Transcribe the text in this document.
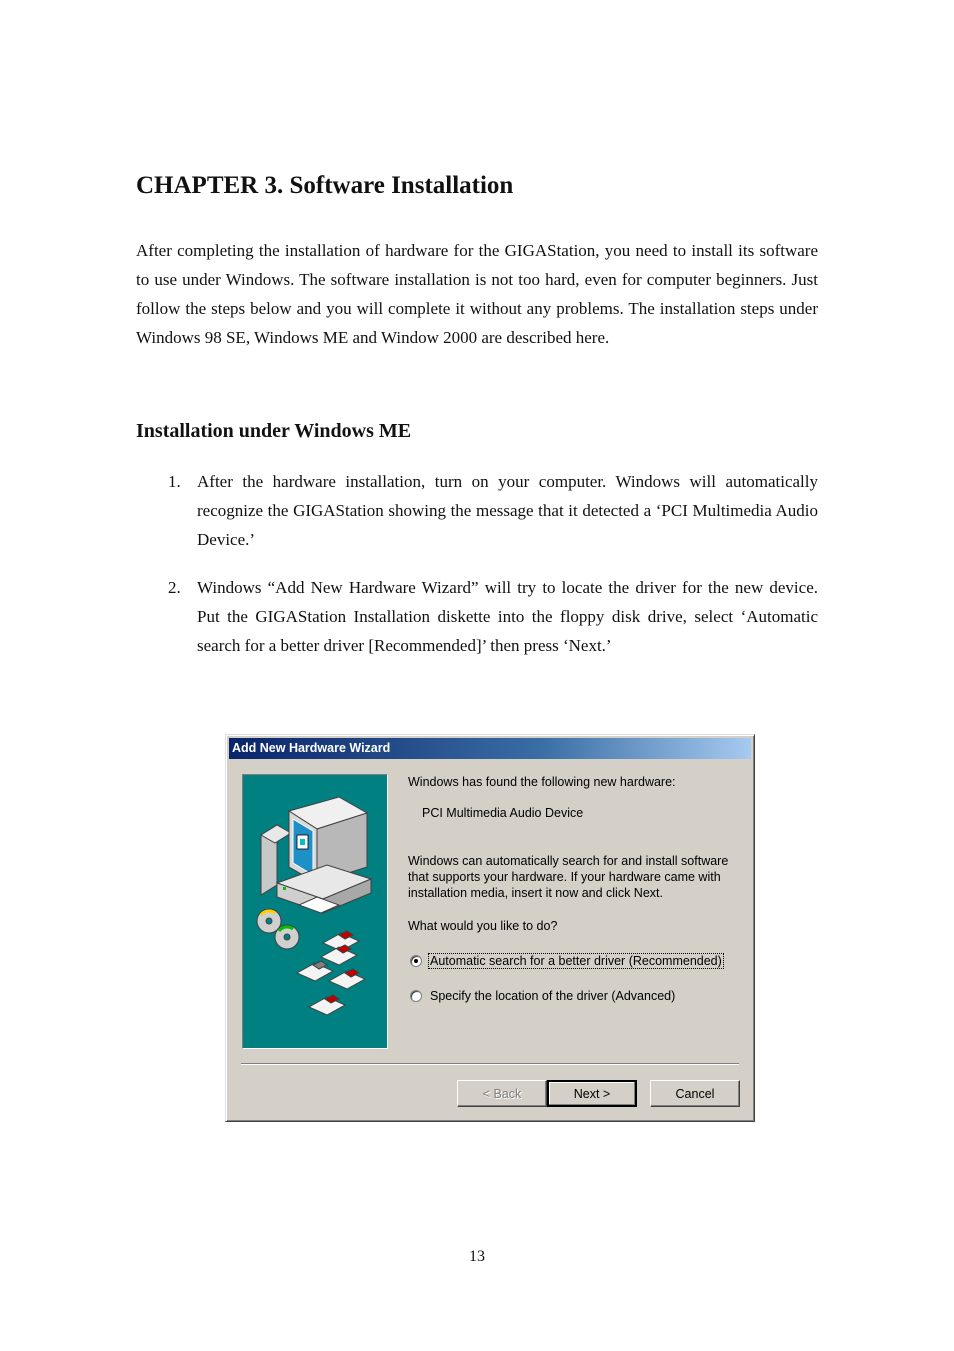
CHAPTER 3. Software Installation

After completing the installation of hardware for the GIGAStation, you need to install its software to use under Windows. The software installation is not too hard, even for computer beginners. Just follow the steps below and you will complete it without any problems. The installation steps under Windows 98 SE, Windows ME and Window 2000 are described here.

Installation under Windows ME
1. After the hardware installation, turn on your computer. Windows will automatically recognize the GIGAStation showing the message that it detected a ‘PCI Multimedia Audio Device.’
2. Windows “Add New Hardware Wizard” will try to locate the driver for the new device. Put the GIGAStation Installation diskette into the floppy disk drive, select ‘Automatic search for a better driver [Recommended]’ then press ‘Next.’
Add New Hardware Wizard
Windows has found the following new hardware:
PCI Multimedia Audio Device
Windows can automatically search for and install software that supports your hardware. If your hardware came with installation media, insert it now and click Next.
What would you like to do?
Automatic search for a better driver (Recommended)
Specify the location of the driver (Advanced)
< Back	Next >	Cancel
13
